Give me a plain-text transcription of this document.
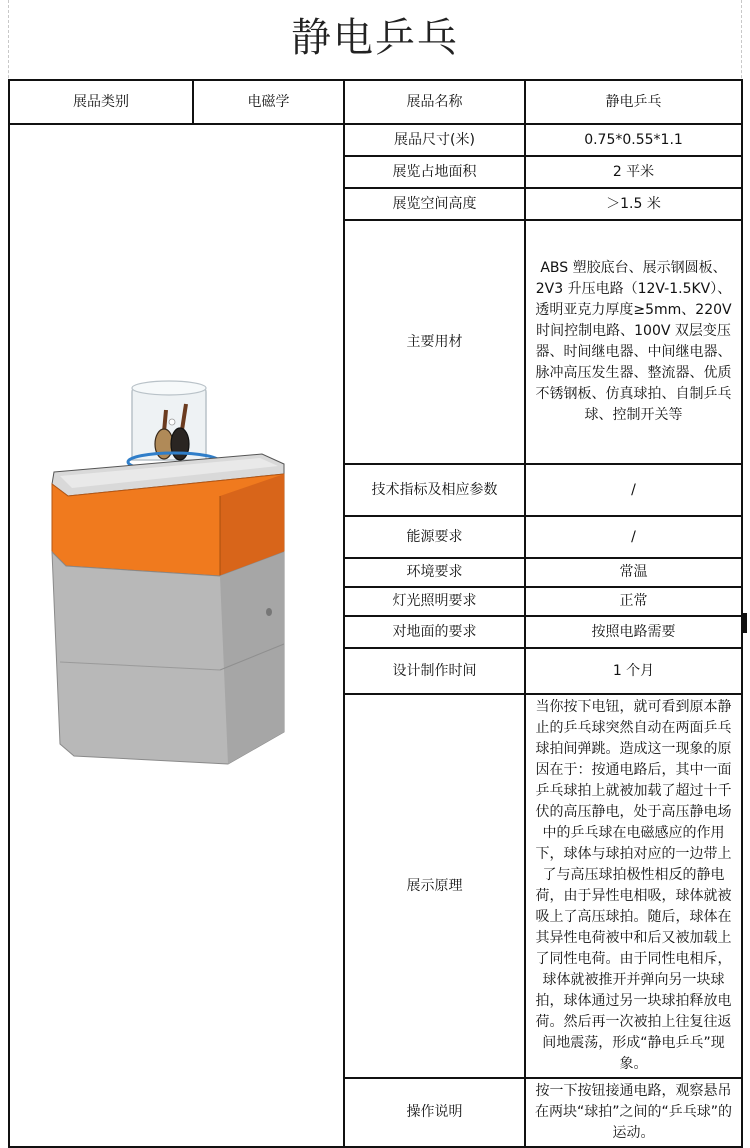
静电乒乓
展品类别	电磁学	展品名称	静电乒乓
	展品尺寸(米)	0.75*0.55*1.1
		展览占地面积	2 平米
		展览空间高度	＞1.5 米
		主要用材	ABS 塑胶底台、展示钢圆板、2V3 升压电路（12V-1.5KV）、透明亚克力厚度≥5mm、220V 时间控制电路、100V 双层变压器、时间继电器、中间继电器、脉冲高压发生器、整流器、优质不锈钢板、仿真球拍、自制乒乓球、控制开关等
		技术指标及相应参数	/
		能源要求	/
		环境要求	常温
		灯光照明要求	正常
		对地面的要求	按照电路需要
		设计制作时间	1 个月
		展示原理	当你按下电钮，就可看到原本静止的乒乓球突然自动在两面乒乓球拍间弹跳。造成这一现象的原因在于：按通电路后，其中一面乒乓球拍上就被加载了超过十千伏的高压静电，处于高压静电场中的乒乓球在电磁感应的作用下，球体与球拍对应的一边带上了与高压球拍极性相反的静电荷，由于异性电相吸，球体就被吸上了高压球拍。随后，球体在其异性电荷被中和后又被加载上了同性电荷。由于同性电相斥，球体就被推开并弹向另一块球拍，球体通过另一块球拍释放电荷。然后再一次被拍上往复往返间地震荡，形成“静电乒乓”现象。
		操作说明	按一下按钮接通电路，观察悬吊在两块“球拍”之间的“乒乓球”的运动。
